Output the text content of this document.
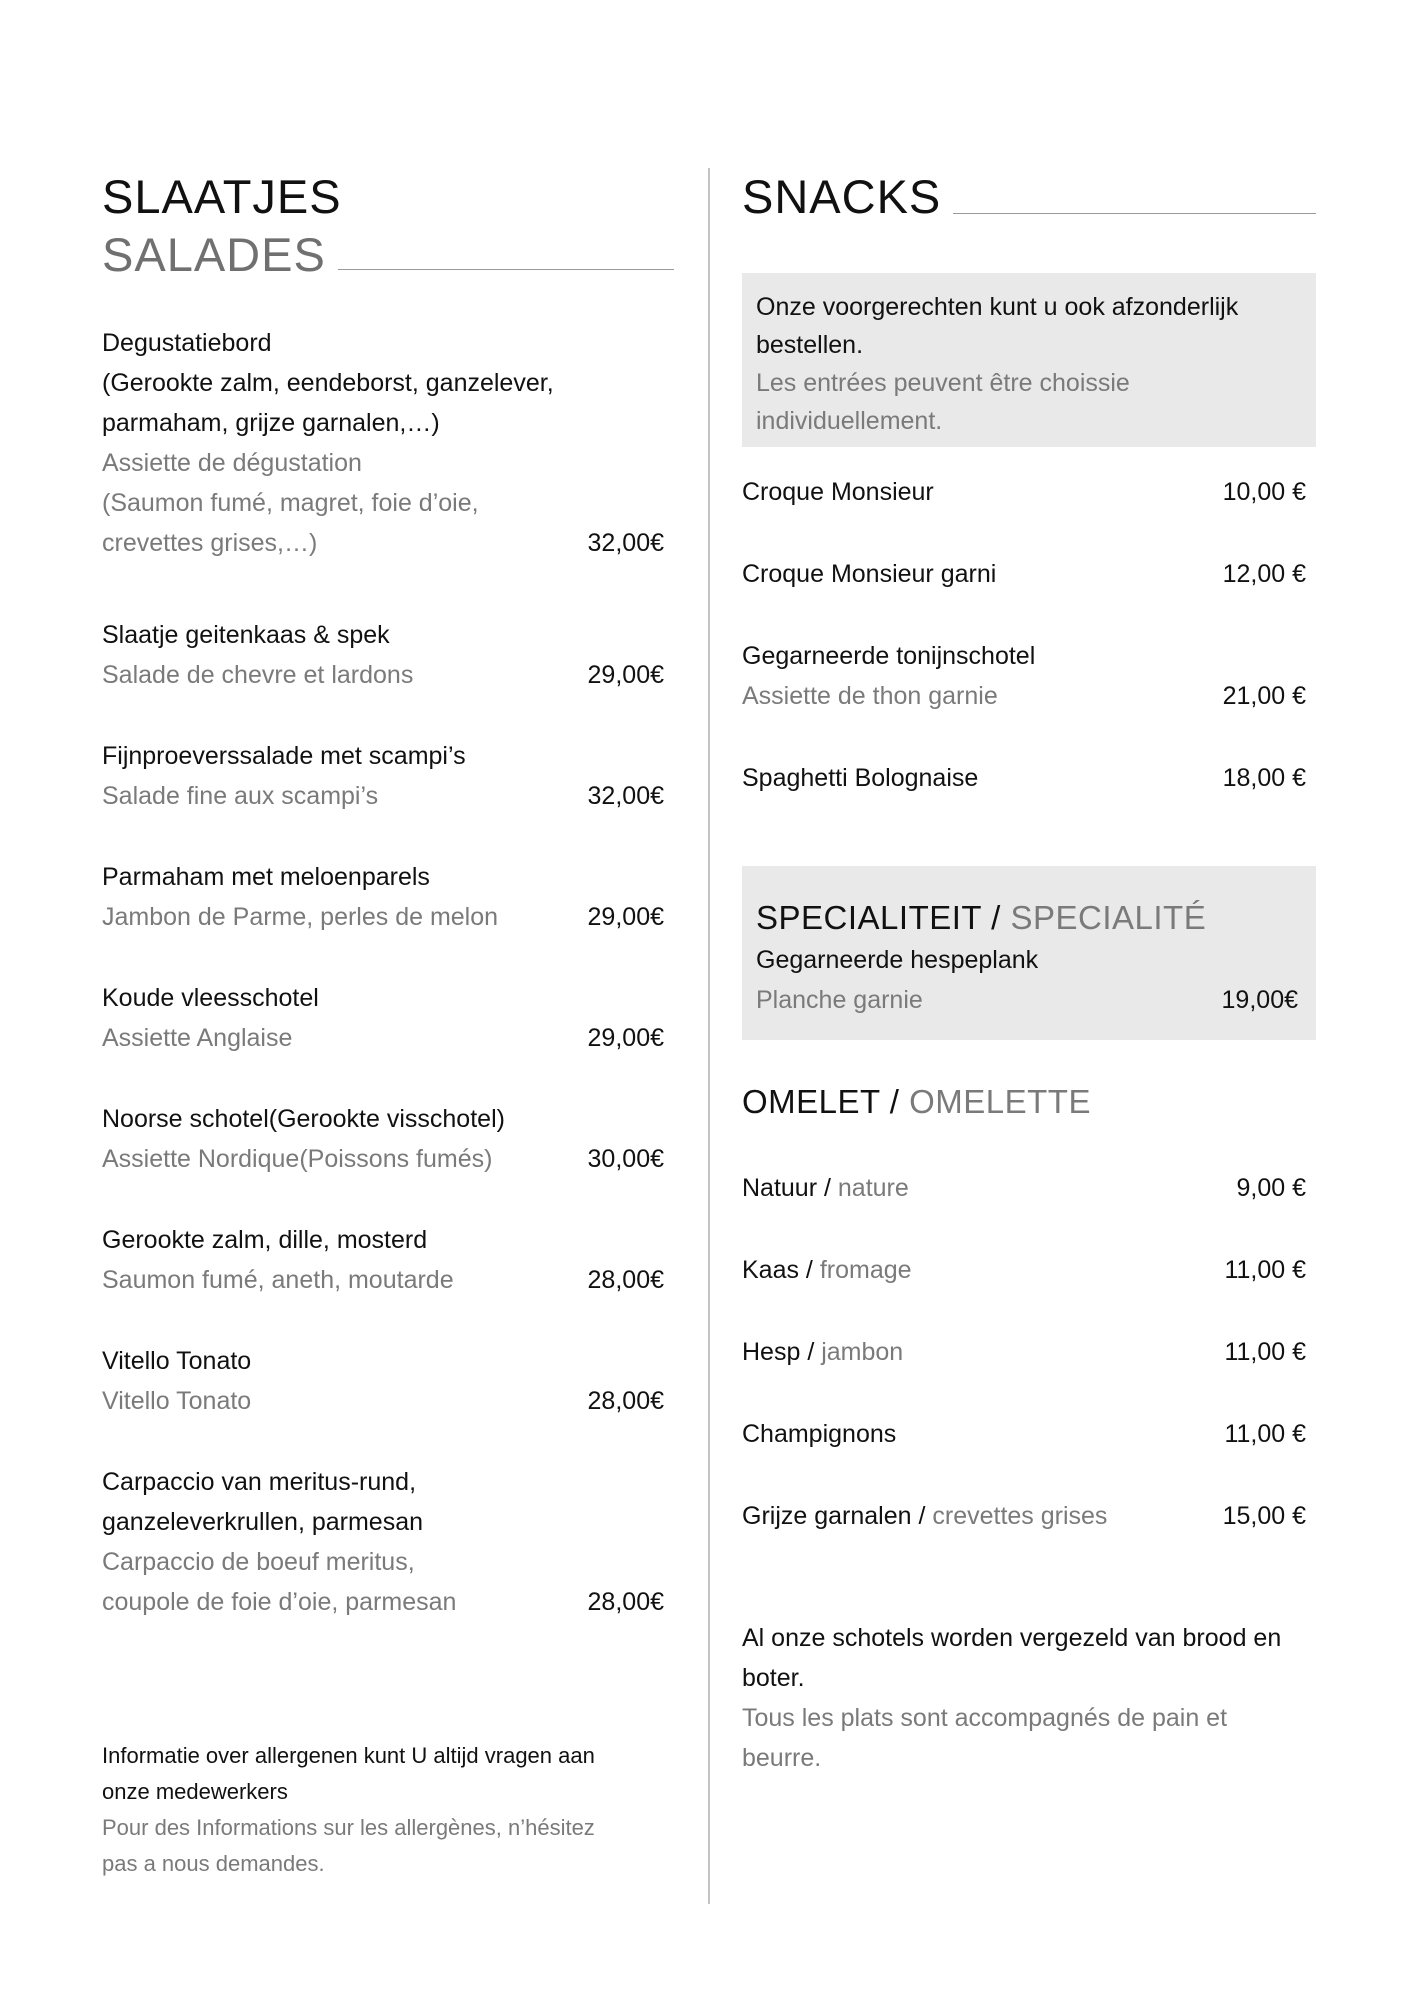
SLAATJES
SALADES
Degustatiebord
(Gerookte zalm, eendeborst, ganzelever,
parmaham, grijze garnalen,…)
Assiette de dégustation
(Saumon fumé, magret, foie d’oie,
crevettes grises,…)	32,00€
Slaatje geitenkaas & spek
Salade de chevre et lardons	29,00€
Fijnproeverssalade met scampi’s
Salade fine aux scampi’s	32,00€
Parmaham met meloenparels
Jambon de Parme, perles de melon	29,00€
Koude vleesschotel
Assiette Anglaise	29,00€
Noorse schotel(Gerookte visschotel)
Assiette Nordique(Poissons fumés)	30,00€
Gerookte zalm, dille, mosterd
Saumon fumé, aneth, moutarde	28,00€
Vitello Tonato
Vitello Tonato	28,00€
Carpaccio van meritus-rund,
ganzeleverkrullen, parmesan
Carpaccio de boeuf meritus,
coupole de foie d’oie, parmesan	28,00€
Informatie over allergenen kunt U altijd vragen aan
onze medewerkers
Pour des Informations sur les allergènes, n’hésitez
pas a nous demandes.
SNACKS
Onze voorgerechten kunt u ook afzonderlijk
bestellen.
Les entrées peuvent être choissie
individuellement.
Croque Monsieur	10,00 €
Croque Monsieur garni	12,00 €
Gegarneerde tonijnschotel
Assiette de thon garnie	21,00 €
Spaghetti Bolognaise	18,00 €
SPECIALITEIT / SPECIALITÉ
Gegarneerde hespeplank
Planche garnie	19,00€
OMELET / OMELETTE
Natuur / nature	9,00 €
Kaas / fromage	11,00 €
Hesp / jambon	11,00 €
Champignons	11,00 €
Grijze garnalen / crevettes grises	15,00 €
Al onze schotels worden vergezeld van brood en
boter.
Tous les plats sont accompagnés de pain et
beurre.
